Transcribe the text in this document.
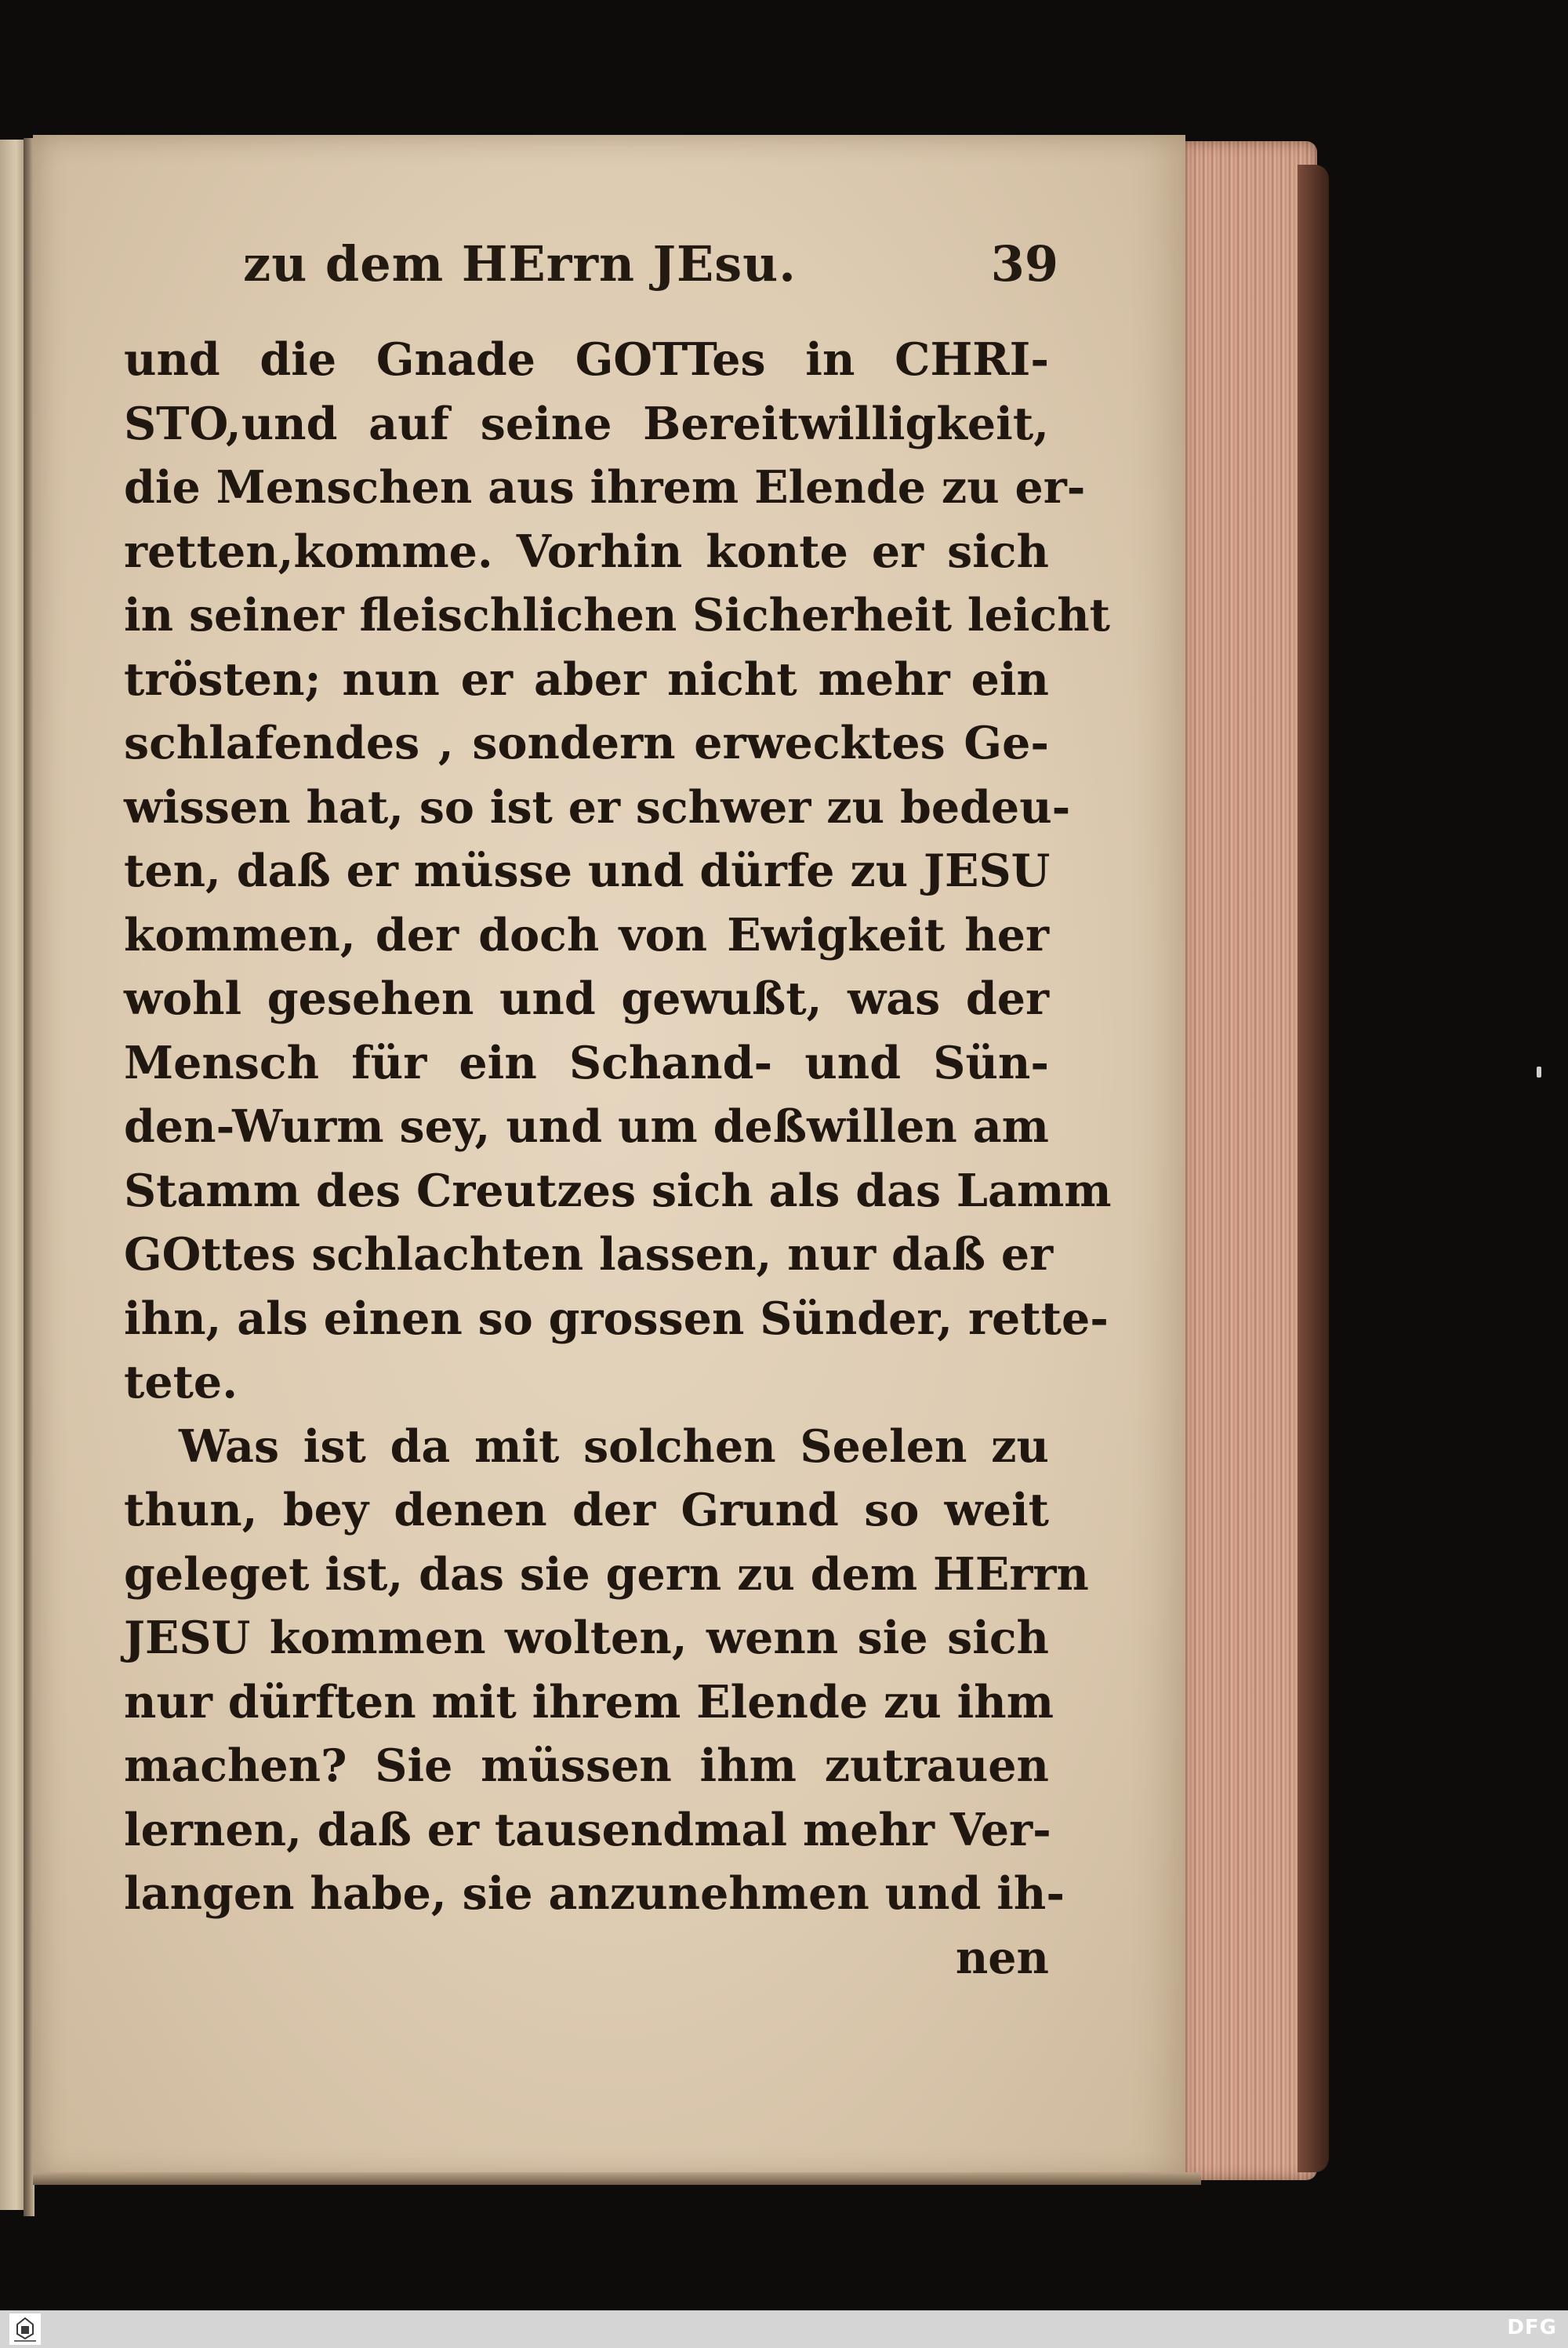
zu dem HErrn JEsu.	39
und die Gnade GOTTes in CHRI-
STO,und auf seine Bereitwilligkeit,
die Menschen aus ihrem Elende zu er-
retten,komme. Vorhin konte er sich
in seiner fleischlichen Sicherheit leicht
trösten; nun er aber nicht mehr ein
schlafendes , sondern erwecktes Ge-
wissen hat, so ist er schwer zu bedeu-
ten, daß er müsse und dürfe zu JESU
kommen, der doch von Ewigkeit her
wohl gesehen und gewußt, was der
Mensch für ein Schand- und Sün-
den-Wurm sey, und um deßwillen am
Stamm des Creutzes sich als das Lamm
GOttes schlachten lassen, nur daß er
ihn, als einen so grossen Sünder, rette-
tete.
Was ist da mit solchen Seelen zu
thun, bey denen der Grund so weit
geleget ist, das sie gern zu dem HErrn
JESU kommen wolten, wenn sie sich
nur dürften mit ihrem Elende zu ihm
machen? Sie müssen ihm zutrauen
lernen, daß er tausendmal mehr Ver-
langen habe, sie anzunehmen und ih-
nen
DFG
